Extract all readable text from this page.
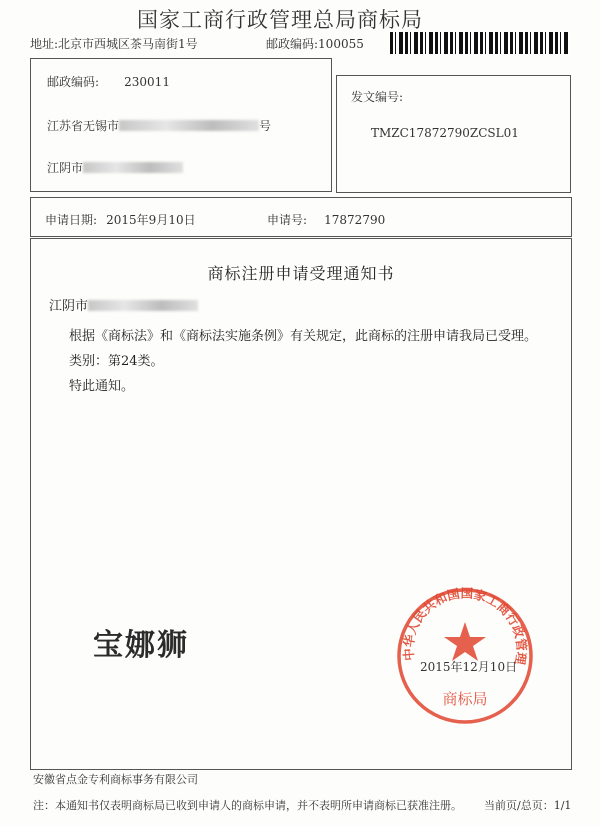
国家工商行政管理总局商标局
地址:北京市西城区茶马南街1号	邮政编码:100055
邮政编码: 230011
江苏省无锡市	号
江阴市
发文编号:
TMZC17872790ZCSL01
申请日期: 2015年9月10日	申请号: 17872790
商标注册申请受理通知书
江阴市
根据《商标法》和《商标法实施条例》有关规定，此商标的注册申请我局已受理。
类别：第24类。
特此通知。
宝娜狮	中华人民共和国国家工商行政管理
商标局
2015年12月10日
安徽省点金专利商标事务有限公司
注：本通知书仅表明商标局已收到申请人的商标申请，并不表明所申请商标已获准注册。 当前页/总页：1/1
